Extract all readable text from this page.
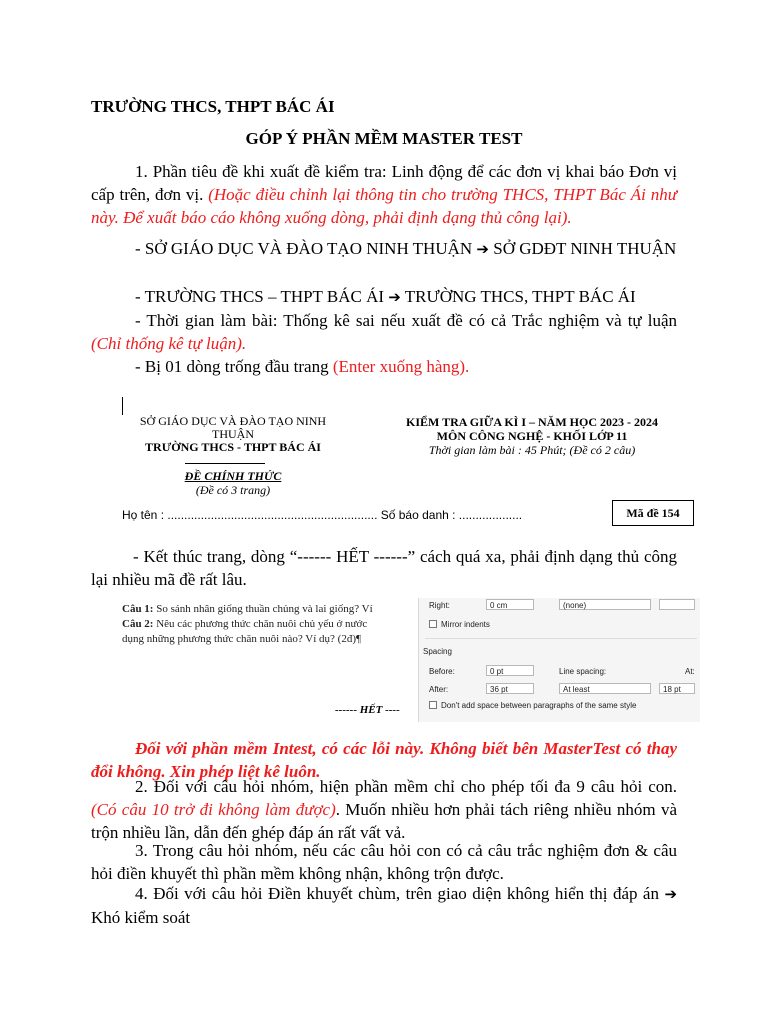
TRƯỜNG THCS, THPT BÁC ÁI
GÓP Ý PHẦN MỀM MASTER TEST
1. Phần tiêu đề khi xuất đề kiểm tra: Linh động để các đơn vị khai báo Đơn vị cấp trên, đơn vị. (Hoặc điều chỉnh lại thông tin cho trường THCS, THPT Bác Ái như này. Để xuất báo cáo không xuống dòng, phải định dạng thủ công lại).
- SỞ GIÁO DỤC VÀ ĐÀO TẠO NINH THUẬN ➔ SỞ GDĐT NINH THUẬN
- TRƯỜNG THCS – THPT BÁC ÁI ➔ TRƯỜNG THCS, THPT BÁC ÁI
- Thời gian làm bài: Thống kê sai nếu xuất đề có cả Trắc nghiệm và tự luận (Chỉ thống kê tự luận).
- Bị 01 dòng trống đầu trang (Enter xuống hàng).
SỞ GIÁO DỤC VÀ ĐÀO TẠO NINH THUẬN
TRƯỜNG THCS - THPT BÁC ÁI
ĐỀ CHÍNH THỨC
(Đề có 3 trang)
KIỂM TRA GIỮA KÌ I – NĂM HỌC 2023 - 2024
MÔN CÔNG NGHỆ - KHỐI LỚP 11
Thời gian làm bài : 45 Phút; (Đề có 2 câu)
Họ tên : ............................................................... Số báo danh : ...................	Mã đề 154
- Kết thúc trang, dòng “------ HẾT ------” cách quá xa, phải định dạng thủ công lại nhiều mã đề rất lâu.
Câu 1: So sánh nhân giống thuần chủng và lai giống? Ví
Câu 2: Nêu các phương thức chăn nuôi chủ yếu ở nước
dụng những phương thức chăn nuôi nào? Ví dụ? (2đ)¶
------ HẾT ----
Right:	0 cm	(none)
Mirror indents
Spacing
Before:	0 pt	Line spacing:	At:
After:	36 pt	At least	18 pt
Don't add space between paragraphs of the same style
Đối với phần mềm Intest, có các lỗi này. Không biết bên MasterTest có thay đổi không. Xin phép liệt kê luôn.
2. Đối với câu hỏi nhóm, hiện phần mềm chỉ cho phép tối đa 9 câu hỏi con. (Có câu 10 trở đi không làm được). Muốn nhiều hơn phải tách riêng nhiều nhóm và trộn nhiều lần, dẫn đến ghép đáp án rất vất vả.
3. Trong câu hỏi nhóm, nếu các câu hỏi con có cả câu trắc nghiệm đơn & câu hỏi điền khuyết thì phần mềm không nhận, không trộn được.
4. Đối với câu hỏi Điền khuyết chùm, trên giao diện không hiển thị đáp án ➔ Khó kiểm soát
